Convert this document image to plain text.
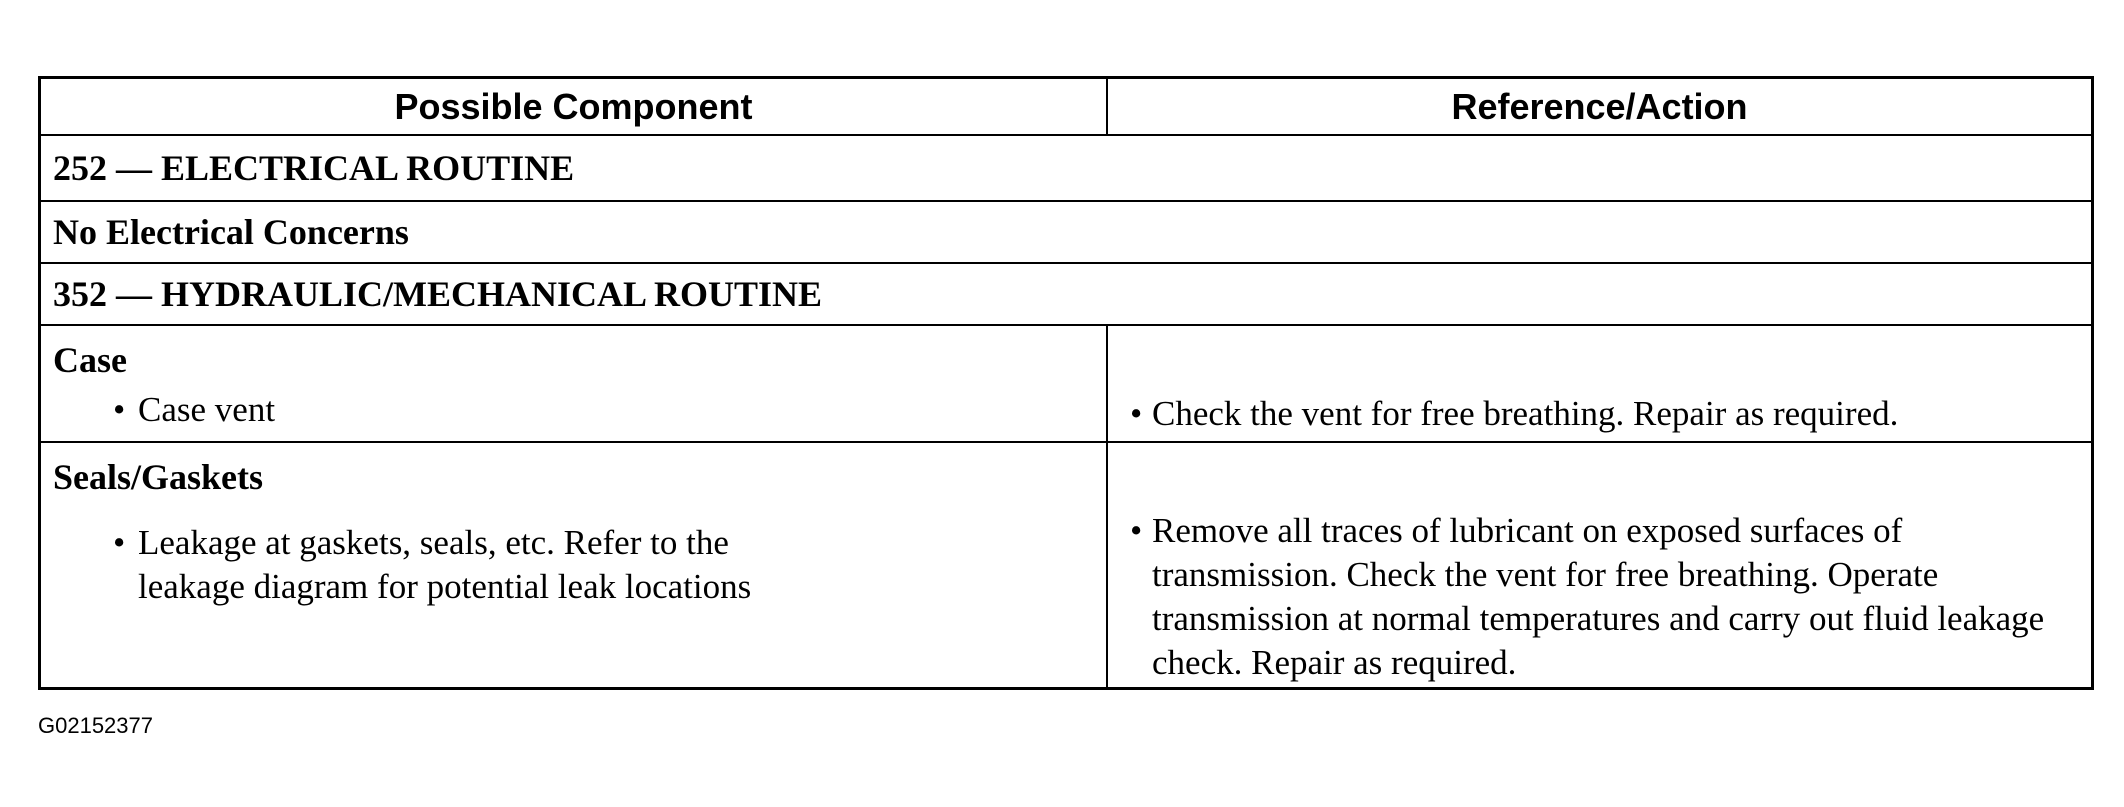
Possible Component	Reference/Action
252 — ELECTRICAL ROUTINE
No Electrical Concerns
352 — HYDRAULIC/MECHANICAL ROUTINE
Case
• Case vent	• Check the vent for free breathing. Repair as required.
Seals/Gaskets
• Leakage at gaskets, seals, etc. Refer to the leakage diagram for potential leak locations
• Remove all traces of lubricant on exposed surfaces of transmission. Check the vent for free breathing. Operate transmission at normal temperatures and carry out fluid leakage check. Repair as required.
G02152377
